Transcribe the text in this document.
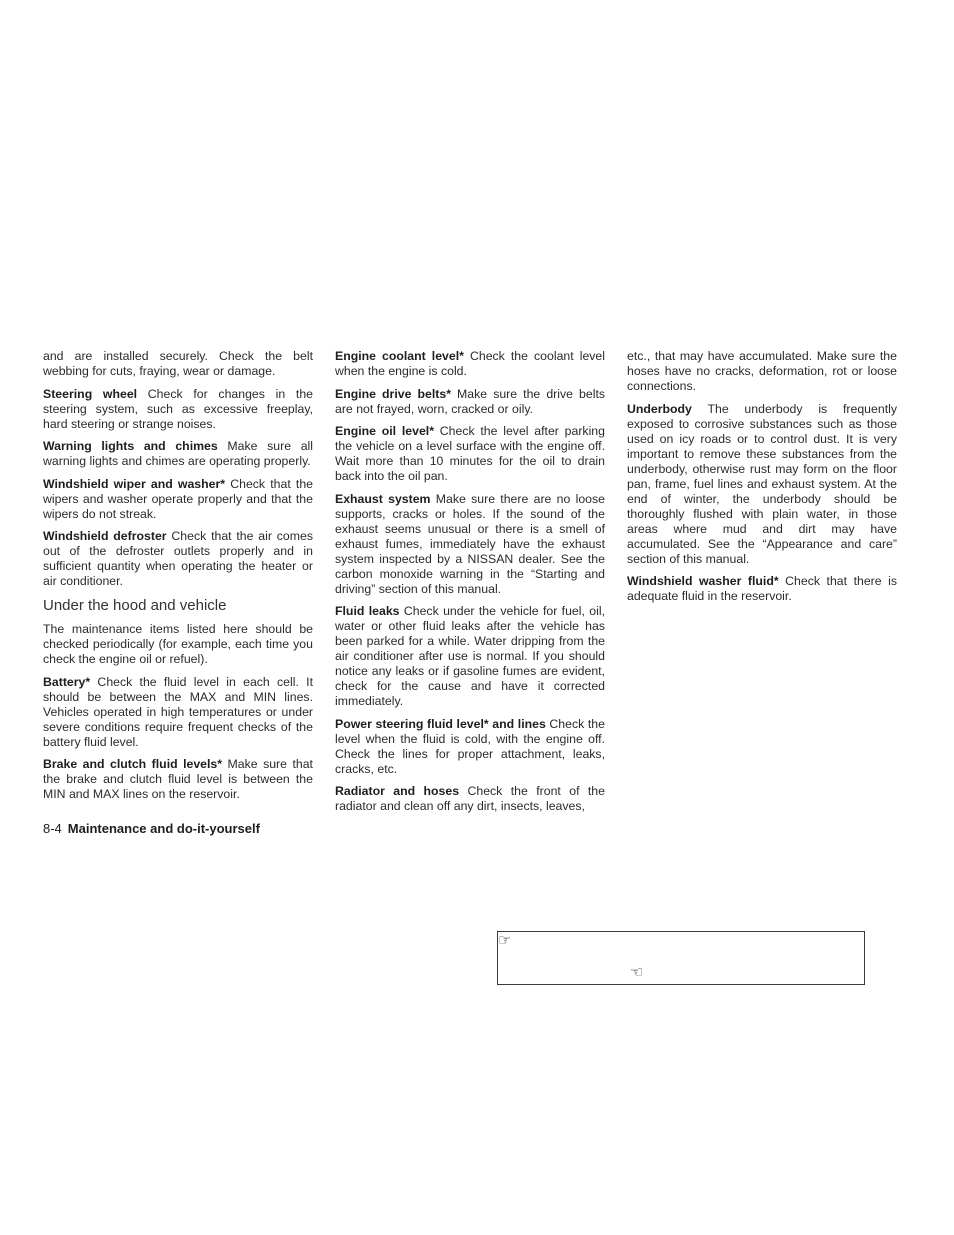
and are installed securely. Check the belt webbing for cuts, fraying, wear or damage.

Steering wheel Check for changes in the steering system, such as excessive freeplay, hard steering or strange noises.

Warning lights and chimes Make sure all warning lights and chimes are operating properly.

Windshield wiper and washer* Check that the wipers and washer operate properly and that the wipers do not streak.

Windshield defroster Check that the air comes out of the defroster outlets properly and in sufficient quantity when operating the heater or air conditioner.

Under the hood and vehicle

The maintenance items listed here should be checked periodically (for example, each time you check the engine oil or refuel).

Battery* Check the fluid level in each cell. It should be between the MAX and MIN lines. Vehicles operated in high temperatures or under severe conditions require frequent checks of the battery fluid level.

Brake and clutch fluid levels* Make sure that the brake and clutch fluid level is between the MIN and MAX lines on the reservoir.

Engine coolant level* Check the coolant level when the engine is cold.

Engine drive belts* Make sure the drive belts are not frayed, worn, cracked or oily.

Engine oil level* Check the level after parking the vehicle on a level surface with the engine off. Wait more than 10 minutes for the oil to drain back into the oil pan.

Exhaust system Make sure there are no loose supports, cracks or holes. If the sound of the exhaust seems unusual or there is a smell of exhaust fumes, immediately have the exhaust system inspected by a NISSAN dealer. See the carbon monoxide warning in the “Starting and driving” section of this manual.

Fluid leaks Check under the vehicle for fuel, oil, water or other fluid leaks after the vehicle has been parked for a while. Water dripping from the air conditioner after use is normal. If you should notice any leaks or if gasoline fumes are evident, check for the cause and have it corrected immediately.

Power steering fluid level* and lines Check the level when the fluid is cold, with the engine off. Check the lines for proper attachment, leaks, cracks, etc.

Radiator and hoses Check the front of the radiator and clean off any dirt, insects, leaves,

etc., that may have accumulated. Make sure the hoses have no cracks, deformation, rot or loose connections.

Underbody The underbody is frequently exposed to corrosive substances such as those used on icy roads or to control dust. It is very important to remove these substances from the underbody, otherwise rust may form on the floor pan, frame, fuel lines and exhaust system. At the end of winter, the underbody should be thoroughly flushed with plain water, in those areas where mud and dirt may have accumulated. See the “Appearance and care” section of this manual.

Windshield washer fluid* Check that there is adequate fluid in the reservoir.

8-4 Maintenance and do-it-yourself
☞
☜
